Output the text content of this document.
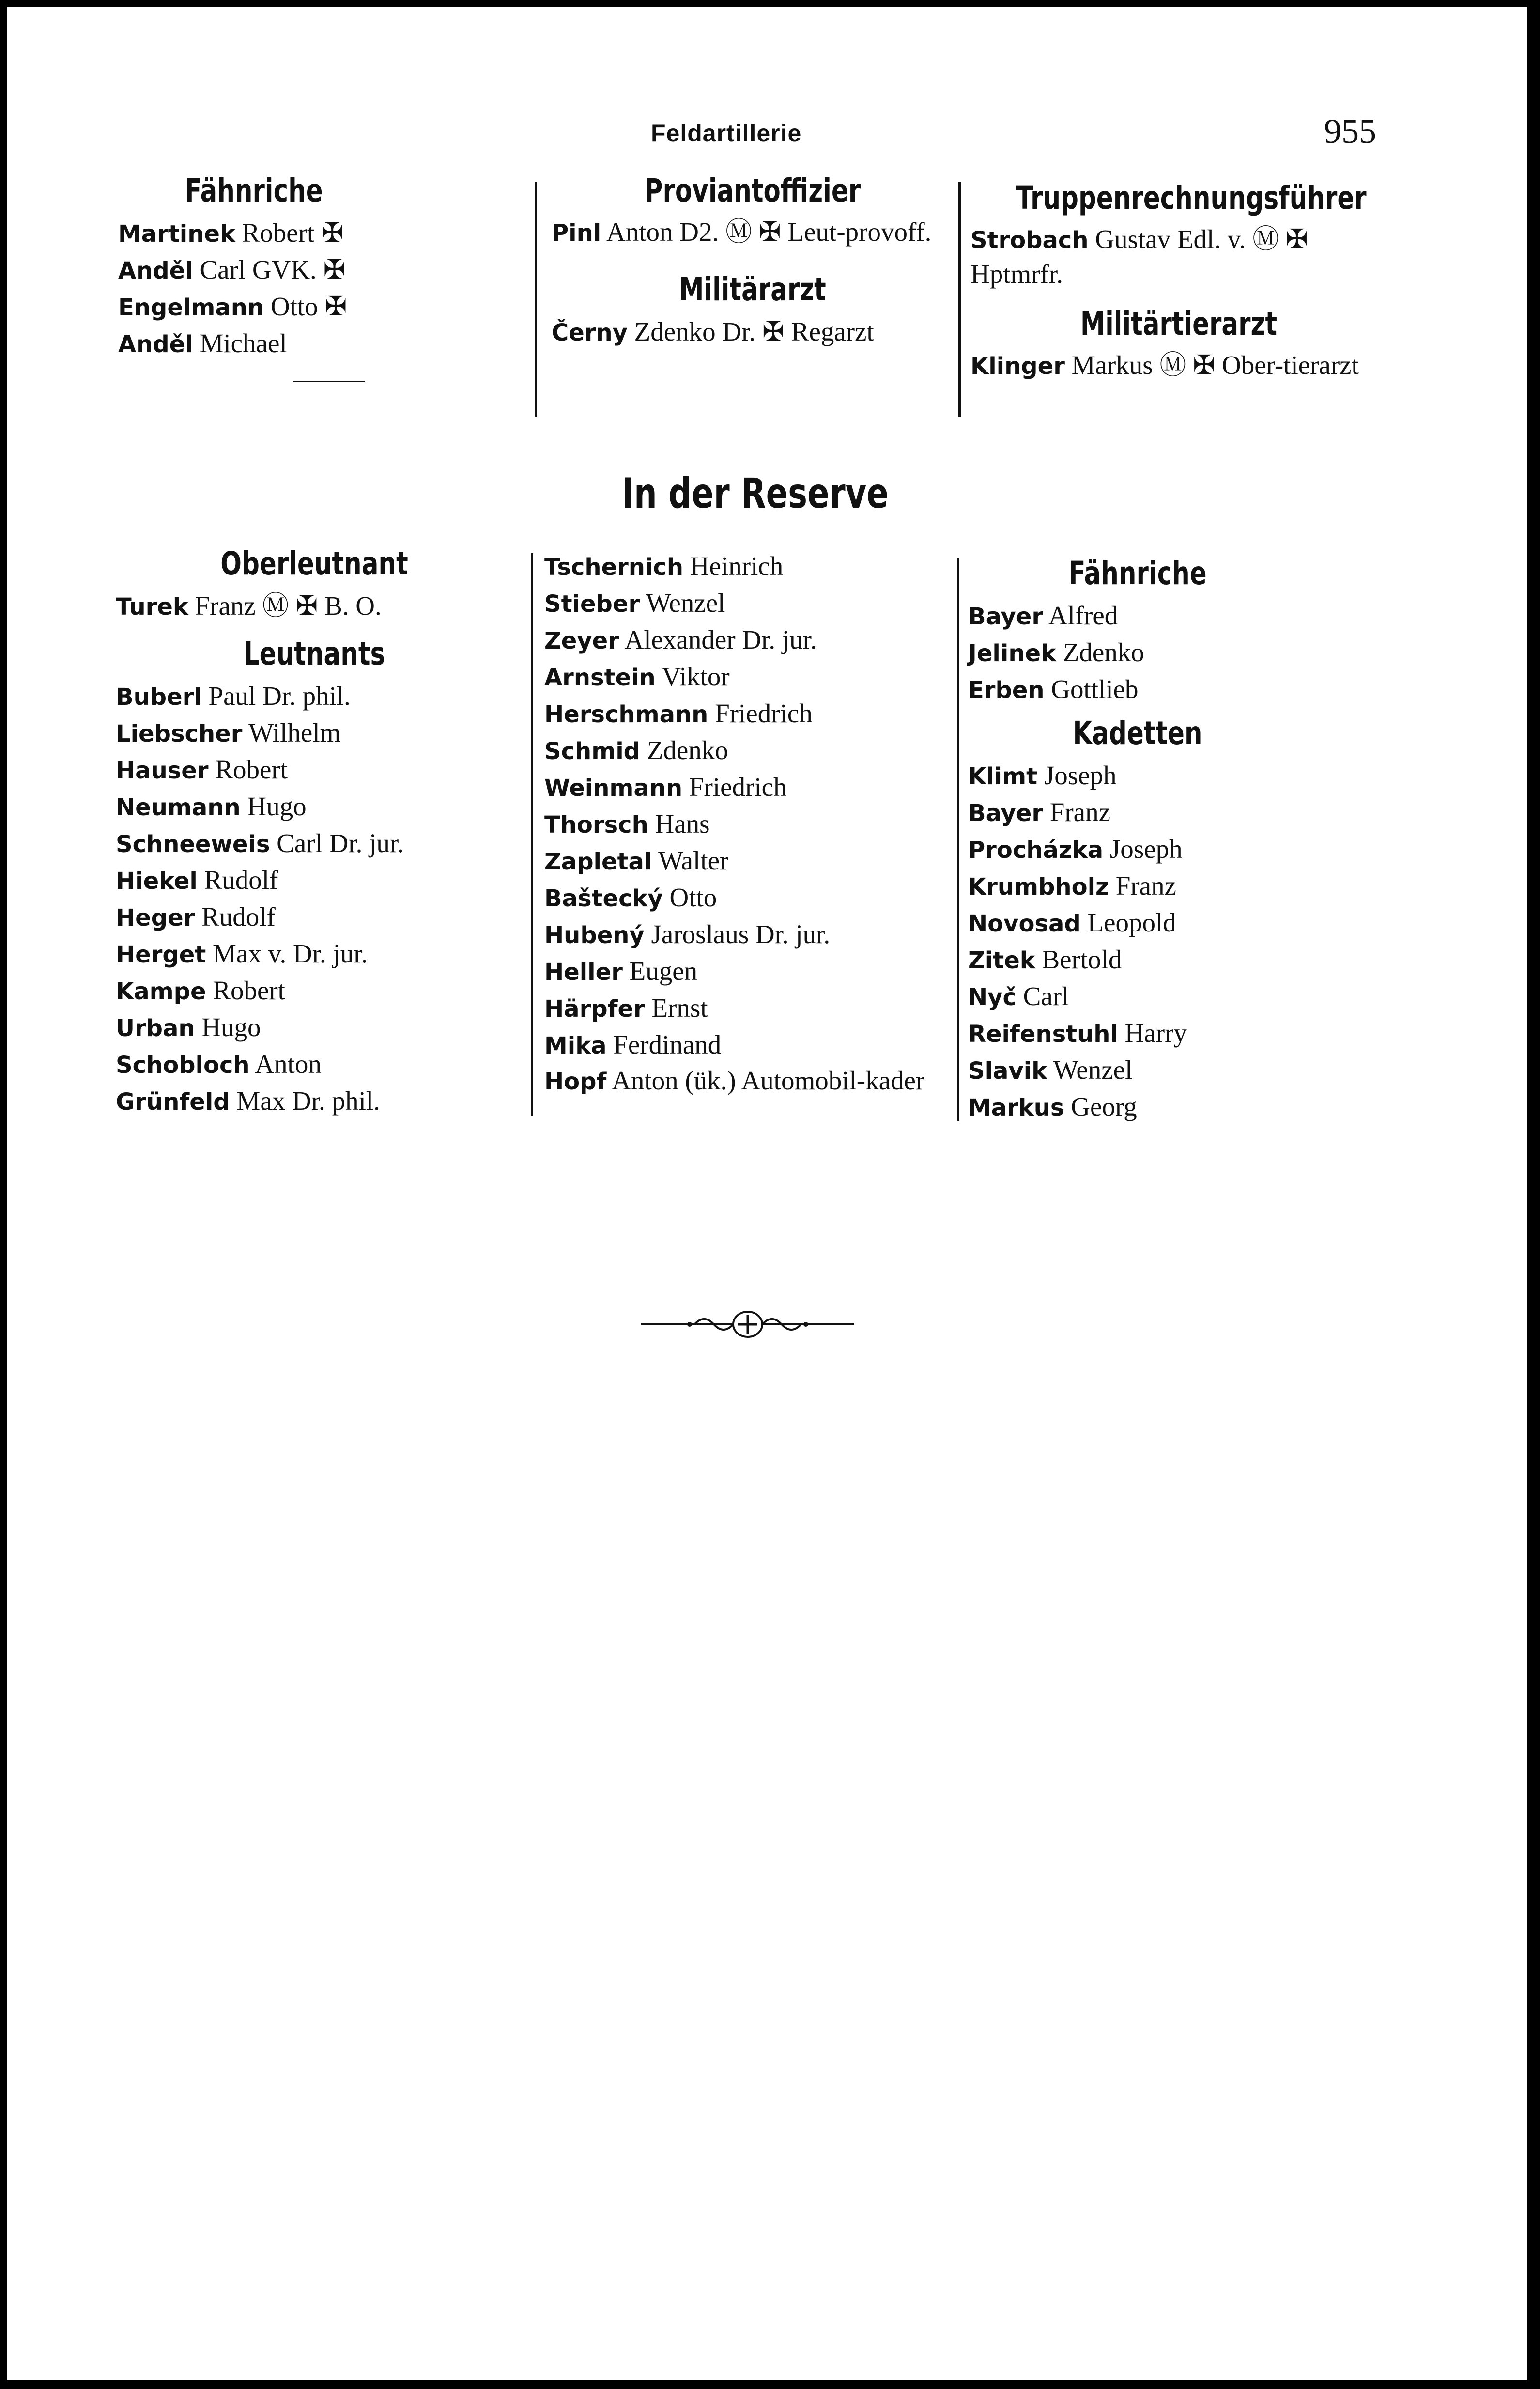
Feldartillerie	955
Fähnriche
Martinek Robert ✠
Anděl Carl GVK. ✠
Engelmann Otto ✠
Anděl Michael
Proviantoffizier
Pinl Anton D2. Ⓜ ✠ Leut-provoff.
Militärarzt
Černy Zdenko Dr. ✠ Regarzt
Truppenrechnungsführer
Strobach Gustav Edl. v. Ⓜ ✠ Hptmrfr.
Militärtierarzt
Klinger Markus Ⓜ ✠ Ober-tierarzt
In der Reserve
Oberleutnant
Turek Franz Ⓜ ✠ B. O.
Leutnants
Buberl Paul Dr. phil.
Liebscher Wilhelm
Hauser Robert
Neumann Hugo
Schneeweis Carl Dr. jur.
Hiekel Rudolf
Heger Rudolf
Herget Max v. Dr. jur.
Kampe Robert
Urban Hugo
Schobloch Anton
Grünfeld Max Dr. phil.
Tschernich Heinrich
Stieber Wenzel
Zeyer Alexander Dr. jur.
Arnstein Viktor
Herschmann Friedrich
Schmid Zdenko
Weinmann Friedrich
Thorsch Hans
Zapletal Walter
Baštecký Otto
Hubený Jaroslaus Dr. jur.
Heller Eugen
Härpfer Ernst
Mika Ferdinand
Hopf Anton (ük.) Automobil-kader
Fähnriche
Bayer Alfred
Jelinek Zdenko
Erben Gottlieb
Kadetten
Klimt Joseph
Bayer Franz
Procházka Joseph
Krumbholz Franz
Novosad Leopold
Zitek Bertold
Nyč Carl
Reifenstuhl Harry
Slavik Wenzel
Markus Georg
